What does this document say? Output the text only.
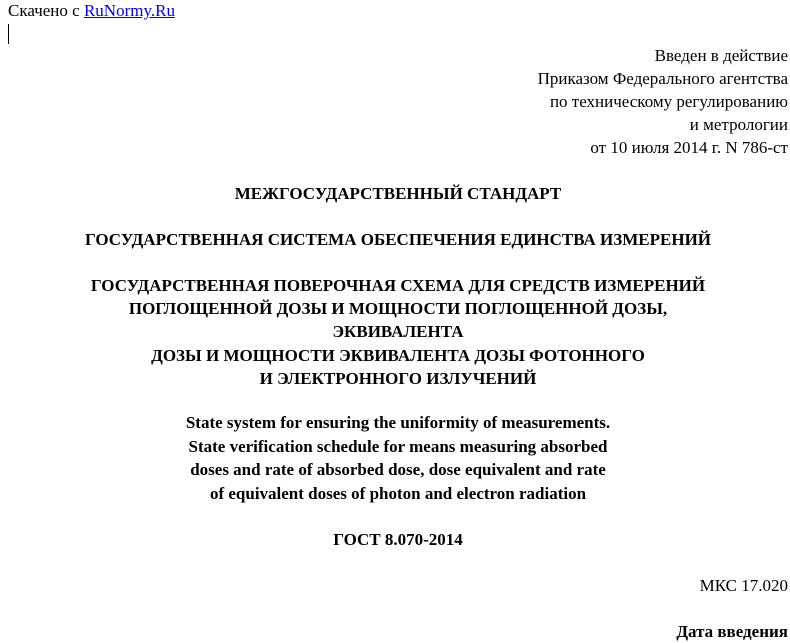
Скачено с RuNormy.Ru
Введен в действие
Приказом Федерального агентства
по техническому регулированию
и метрологии
от 10 июля 2014 г. N 786-ст
МЕЖГОСУДАРСТВЕННЫЙ СТАНДАРТ
ГОСУДАРСТВЕННАЯ СИСТЕМА ОБЕСПЕЧЕНИЯ ЕДИНСТВА ИЗМЕРЕНИЙ
ГОСУДАРСТВЕННАЯ ПОВЕРОЧНАЯ СХЕМА ДЛЯ СРЕДСТВ ИЗМЕРЕНИЙ
ПОГЛОЩЕННОЙ ДОЗЫ И МОЩНОСТИ ПОГЛОЩЕННОЙ ДОЗЫ,
ЭКВИВАЛЕНТА
ДОЗЫ И МОЩНОСТИ ЭКВИВАЛЕНТА ДОЗЫ ФОТОННОГО
И ЭЛЕКТРОННОГО ИЗЛУЧЕНИЙ
State system for ensuring the uniformity of measurements.
State verification schedule for means measuring absorbed
doses and rate of absorbed dose, dose equivalent and rate
of equivalent doses of photon and electron radiation
ГОСТ 8.070-2014
МКС 17.020
Дата введения
